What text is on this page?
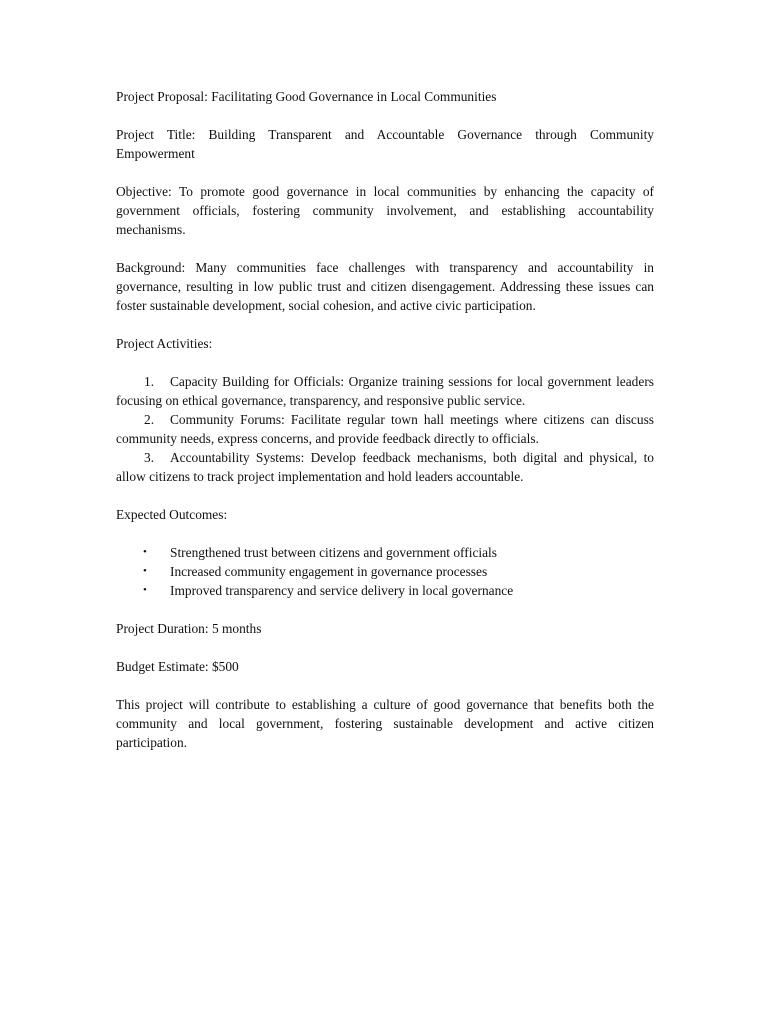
Project Proposal: Facilitating Good Governance in Local Communities

Project Title: Building Transparent and Accountable Governance through Community Empowerment

Objective: To promote good governance in local communities by enhancing the capacity of government officials, fostering community involvement, and establishing accountability mechanisms.

Background: Many communities face challenges with transparency and accountability in governance, resulting in low public trust and citizen disengagement. Addressing these issues can foster sustainable development, social cohesion, and active civic participation.

Project Activities:

1. Capacity Building for Officials: Organize training sessions for local government leaders focusing on ethical governance, transparency, and responsive public service.
2. Community Forums: Facilitate regular town hall meetings where citizens can discuss community needs, express concerns, and provide feedback directly to officials.
3. Accountability Systems: Develop feedback mechanisms, both digital and physical, to allow citizens to track project implementation and hold leaders accountable.

Expected Outcomes:

• Strengthened trust between citizens and government officials
• Increased community engagement in governance processes
• Improved transparency and service delivery in local governance

Project Duration: 5 months

Budget Estimate: $500

This project will contribute to establishing a culture of good governance that benefits both the community and local government, fostering sustainable development and active citizen participation.
